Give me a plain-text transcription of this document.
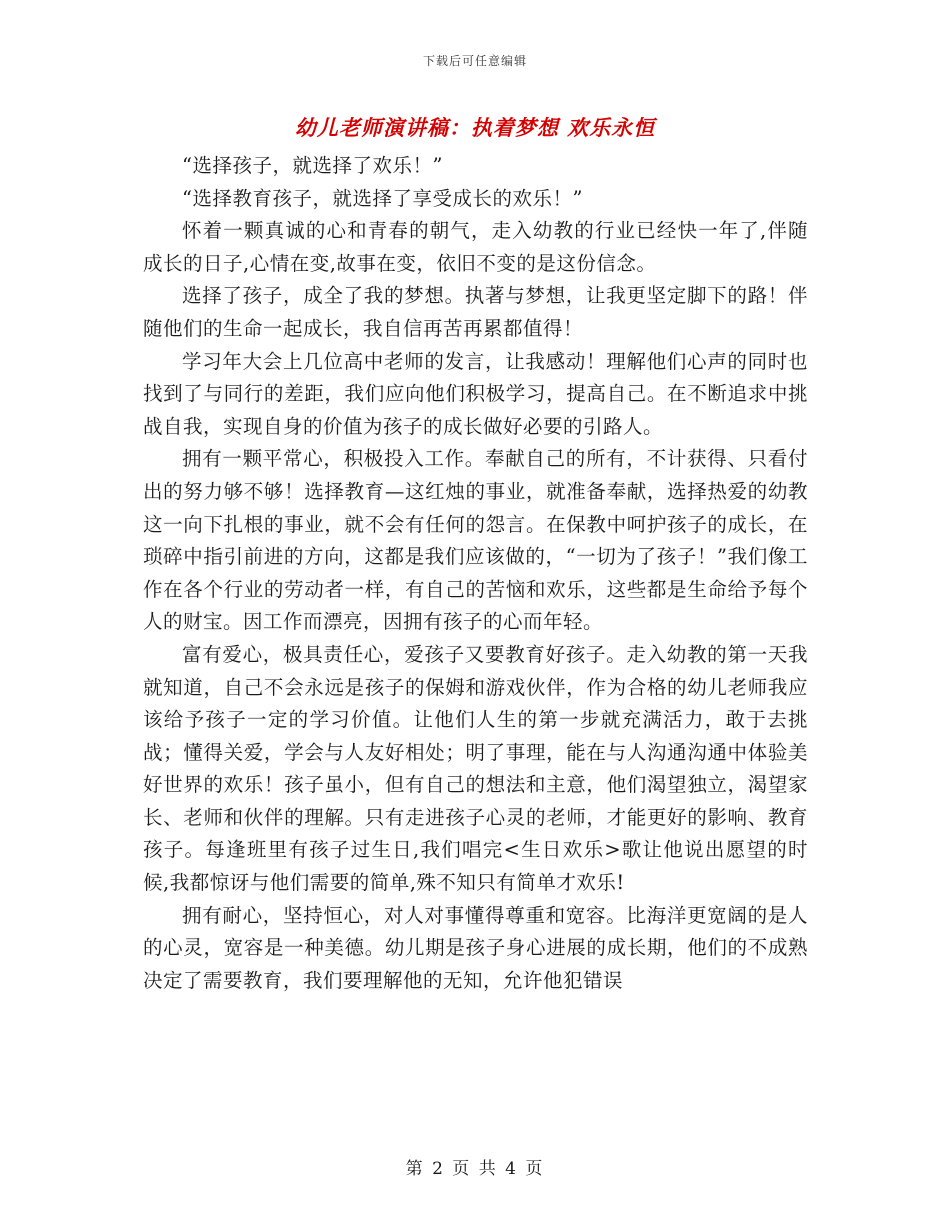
下载后可任意编辑
幼儿老师演讲稿：执着梦想 欢乐永恒

“选择孩子，就选择了欢乐！”

“选择教育孩子，就选择了享受成长的欢乐！”

怀着一颗真诚的心和青春的朝气，走入幼教的行业已经快一年了,伴随成长的日子,心情在变,故事在变，依旧不变的是这份信念。

选择了孩子，成全了我的梦想。执著与梦想，让我更坚定脚下的路！伴随他们的生命一起成长，我自信再苦再累都值得！

学习年大会上几位高中老师的发言，让我感动！理解他们心声的同时也找到了与同行的差距，我们应向他们积极学习，提高自己。在不断追求中挑战自我，实现自身的价值为孩子的成长做好必要的引路人。

拥有一颗平常心，积极投入工作。奉献自己的所有，不计获得、只看付出的努力够不够！选择教育—这红烛的事业，就准备奉献，选择热爱的幼教这一向下扎根的事业，就不会有任何的怨言。在保教中呵护孩子的成长，在琐碎中指引前进的方向，这都是我们应该做的，“一切为了孩子！”我们像工作在各个行业的劳动者一样，有自己的苦恼和欢乐，这些都是生命给予每个人的财宝。因工作而漂亮，因拥有孩子的心而年轻。

富有爱心，极具责任心，爱孩子又要教育好孩子。走入幼教的第一天我就知道，自己不会永远是孩子的保姆和游戏伙伴，作为合格的幼儿老师我应该给予孩子一定的学习价值。让他们人生的第一步就充满活力，敢于去挑战；懂得关爱，学会与人友好相处；明了事理，能在与人沟通沟通中体验美好世界的欢乐！孩子虽小，但有自己的想法和主意，他们渴望独立，渴望家长、老师和伙伴的理解。只有走进孩子心灵的老师，才能更好的影响、教育孩子。每逢班里有孩子过生日,我们唱完<生日欢乐>歌让他说出愿望的时候,我都惊讶与他们需要的简单,殊不知只有简单才欢乐!

拥有耐心，坚持恒心，对人对事懂得尊重和宽容。比海洋更宽阔的是人的心灵，宽容是一种美德。幼儿期是孩子身心进展的成长期，他们的不成熟决定了需要教育，我们要理解他的无知，允许他犯错误

第 2 页 共 4 页
